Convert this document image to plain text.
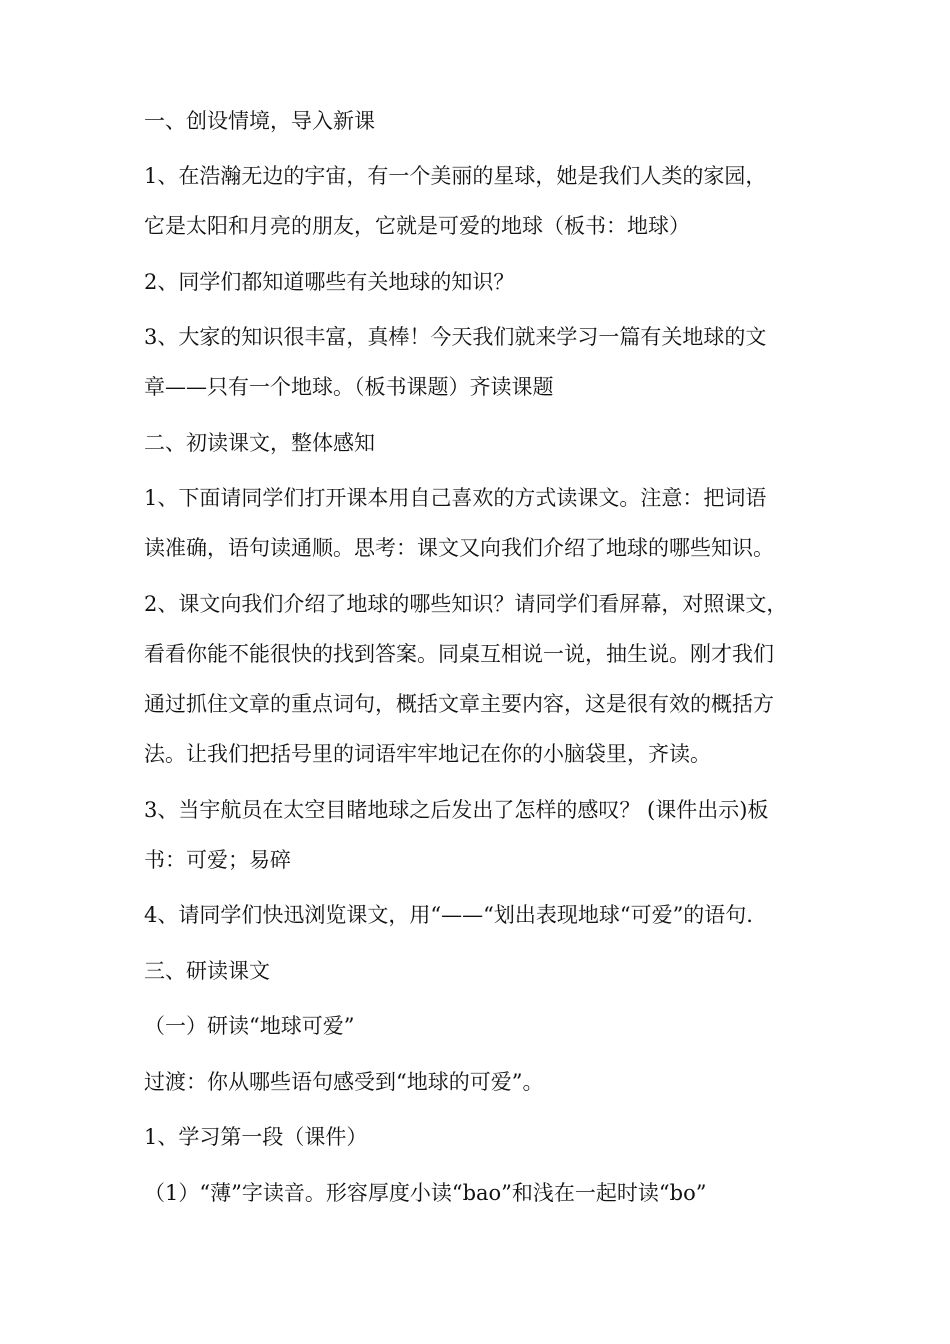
一、创设情境，导入新课
1、在浩瀚无边的宇宙，有一个美丽的星球，她是我们人类的家园，
它是太阳和月亮的朋友，它就是可爱的地球（板书：地球）
2、同学们都知道哪些有关地球的知识？
3、大家的知识很丰富，真棒！今天我们就来学习一篇有关地球的文
章——只有一个地球。（板书课题）齐读课题
二、初读课文，整体感知
1、下面请同学们打开课本用自己喜欢的方式读课文。注意：把词语
读准确，语句读通顺。思考：课文又向我们介绍了地球的哪些知识。
2、课文向我们介绍了地球的哪些知识？请同学们看屏幕，对照课文，
看看你能不能很快的找到答案。同桌互相说一说，抽生说。刚才我们
通过抓住文章的重点词句，概括文章主要内容，这是很有效的概括方
法。让我们把括号里的词语牢牢地记在你的小脑袋里，齐读。
3、当宇航员在太空目睹地球之后发出了怎样的感叹？ (课件出示)板
书：可爱；易碎
4、请同学们快迅浏览课文，用“——“划出表现地球“可爱”的语句.
三、研读课文
（一）研读“地球可爱”
过渡：你从哪些语句感受到“地球的可爱”。
1、学习第一段（课件）
（1）“薄”字读音。形容厚度小读“bao”和浅在一起时读“bo”
